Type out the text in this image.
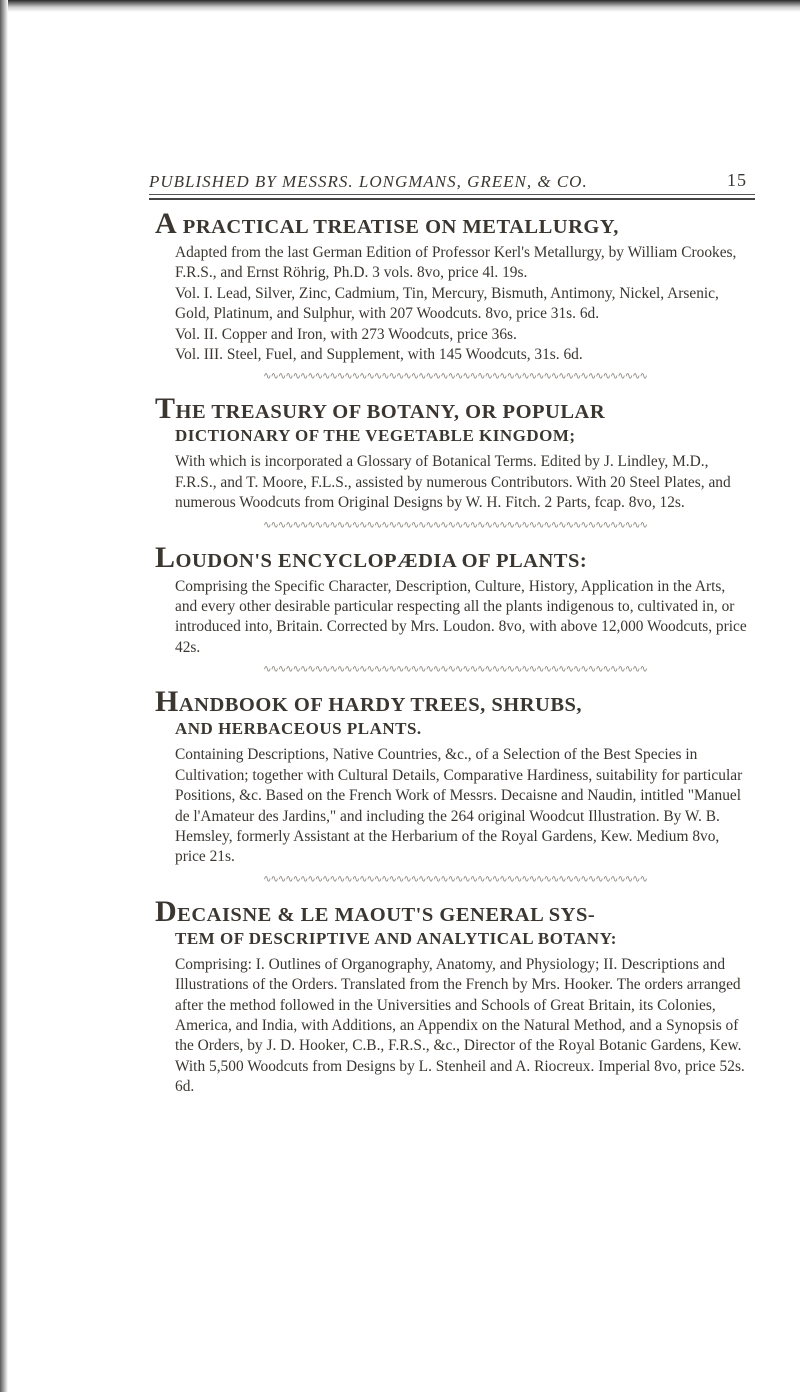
PUBLISHED BY MESSRS. LONGMANS, GREEN, & CO.	15
A PRACTICAL TREATISE ON METALLURGY,

Adapted from the last German Edition of Professor Kerl's Metallurgy, by William Crookes, F.R.S., and Ernst Röhrig, Ph.D. 3 vols. 8vo, price 4l. 19s.

Vol. I. Lead, Silver, Zinc, Cadmium, Tin, Mercury, Bismuth, Antimony, Nickel, Arsenic, Gold, Platinum, and Sulphur, with 207 Woodcuts. 8vo, price 31s. 6d.

Vol. II. Copper and Iron, with 273 Woodcuts, price 36s.

Vol. III. Steel, Fuel, and Supplement, with 145 Woodcuts, 31s. 6d.

∿∿∿∿∿∿∿∿∿∿∿∿∿∿∿∿∿∿∿∿∿∿∿∿∿∿∿∿∿∿∿∿∿∿∿∿∿∿∿∿∿∿∿∿∿∿∿∿∿∿∿∿
THE TREASURY OF BOTANY, OR POPULAR
DICTIONARY OF THE VEGETABLE KINGDOM;

With which is incorporated a Glossary of Botanical Terms. Edited by J. Lindley, M.D., F.R.S., and T. Moore, F.L.S., assisted by numerous Contributors. With 20 Steel Plates, and numerous Woodcuts from Original Designs by W. H. Fitch. 2 Parts, fcap. 8vo, 12s.

∿∿∿∿∿∿∿∿∿∿∿∿∿∿∿∿∿∿∿∿∿∿∿∿∿∿∿∿∿∿∿∿∿∿∿∿∿∿∿∿∿∿∿∿∿∿∿∿∿∿∿∿
LOUDON'S ENCYCLOPÆDIA OF PLANTS:

Comprising the Specific Character, Description, Culture, History, Application in the Arts, and every other desirable particular respecting all the plants indigenous to, cultivated in, or introduced into, Britain. Corrected by Mrs. Loudon. 8vo, with above 12,000 Woodcuts, price 42s.

∿∿∿∿∿∿∿∿∿∿∿∿∿∿∿∿∿∿∿∿∿∿∿∿∿∿∿∿∿∿∿∿∿∿∿∿∿∿∿∿∿∿∿∿∿∿∿∿∿∿∿∿
HANDBOOK OF HARDY TREES, SHRUBS,
AND HERBACEOUS PLANTS.

Containing Descriptions, Native Countries, &c., of a Selection of the Best Species in Cultivation; together with Cultural Details, Comparative Hardiness, suitability for particular Positions, &c. Based on the French Work of Messrs. Decaisne and Naudin, intitled "Manuel de l'Amateur des Jardins," and including the 264 original Woodcut Illustration. By W. B. Hemsley, formerly Assistant at the Herbarium of the Royal Gardens, Kew. Medium 8vo, price 21s.

∿∿∿∿∿∿∿∿∿∿∿∿∿∿∿∿∿∿∿∿∿∿∿∿∿∿∿∿∿∿∿∿∿∿∿∿∿∿∿∿∿∿∿∿∿∿∿∿∿∿∿∿
DECAISNE & LE MAOUT'S GENERAL SYS-
TEM OF DESCRIPTIVE AND ANALYTICAL BOTANY:

Comprising: I. Outlines of Organography, Anatomy, and Physiology; II. Descriptions and Illustrations of the Orders. Translated from the French by Mrs. Hooker. The orders arranged after the method followed in the Universities and Schools of Great Britain, its Colonies, America, and India, with Additions, an Appendix on the Natural Method, and a Synopsis of the Orders, by J. D. Hooker, C.B., F.R.S., &c., Director of the Royal Botanic Gardens, Kew. With 5,500 Woodcuts from Designs by L. Stenheil and A. Riocreux. Imperial 8vo, price 52s. 6d.
